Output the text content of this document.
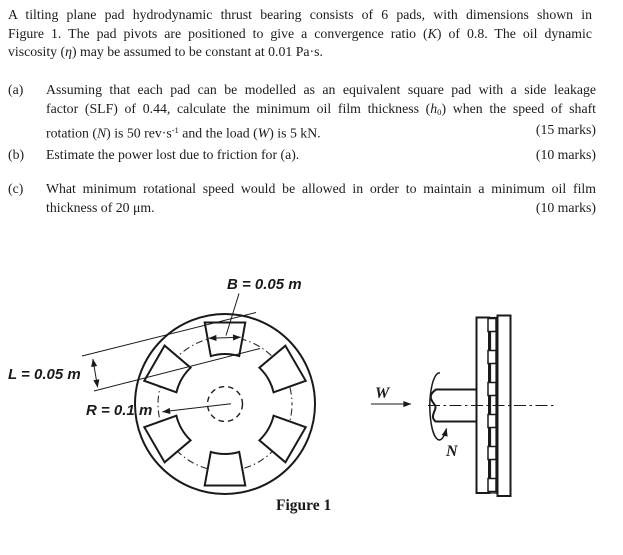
A tilting plane pad hydrodynamic thrust bearing consists of 6 pads, with dimensions shown in
Figure 1. The pad pivots are positioned to give a convergence ratio (K) of 0.8. The oil dynamic
viscosity (η) may be assumed to be constant at 0.01 Pa·s.
(a)	Assuming that each pad can be modelled as an equivalent square pad with a side leakage
factor (SLF) of 0.44, calculate the minimum oil film thickness $(h_0)$ when the speed of shaft
rotation (N) is 50 $rev\cdot s^{-1}$ and the load (W) is 5 kN.	(15 marks)
(b)	Estimate the power lost due to friction for (a).	(10 marks)
(c)	What minimum rotational speed would be allowed in order to maintain a minimum oil film
thickness of 20 μm.	(10 marks)
B = 0.05 m
L = 0.05 m
R = 0.1 m
W
N
Figure 1
